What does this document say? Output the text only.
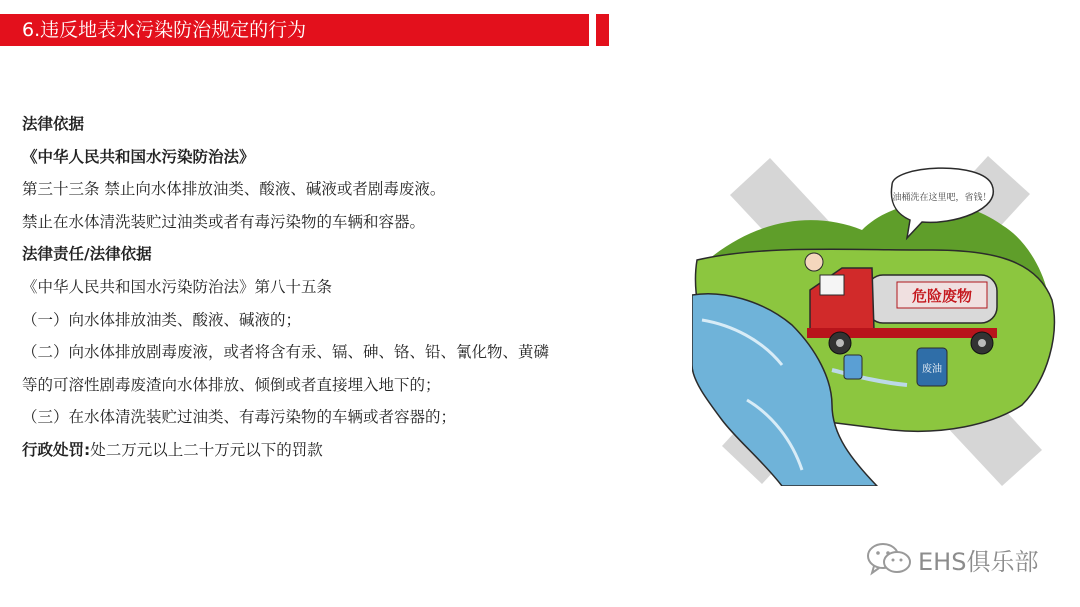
6.违反地表水污染防治规定的行为
法律依据
《中华人民共和国水污染防治法》
第三十三条 禁止向水体排放油类、酸液、碱液或者剧毒废液。
禁止在水体清洗装贮过油类或者有毒污染物的车辆和容器。
法律责任/法律依据
《中华人民共和国水污染防治法》第八十五条
（一）向水体排放油类、酸液、碱液的；
（二）向水体排放剧毒废液，或者将含有汞、镉、砷、铬、铅、氰化物、黄磷
等的可溶性剧毒废渣向水体排放、倾倒或者直接埋入地下的；
（三）在水体清洗装贮过油类、有毒污染物的车辆或者容器的；
行政处罚:处二万元以上二十万元以下的罚款
油桶洗在这里吧，省钱！
危险废物
废油
EHS俱乐部
